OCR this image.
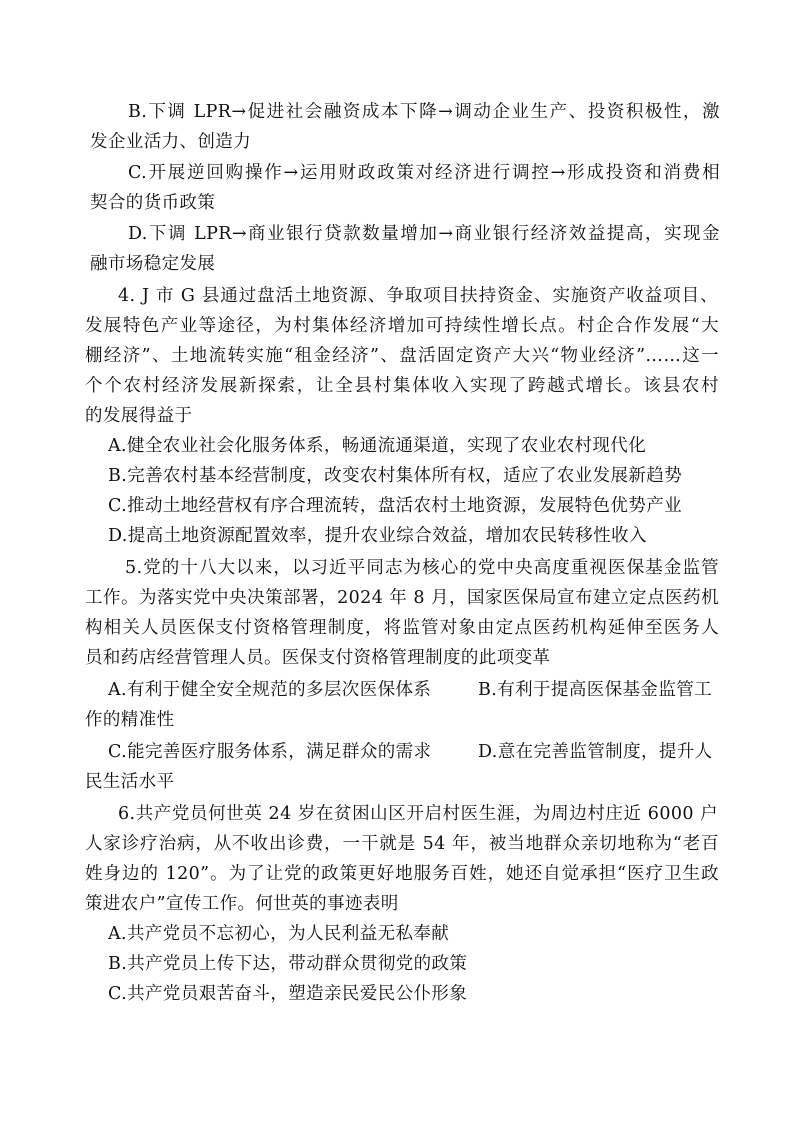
B.下调 LPR→促进社会融资成本下降→调动企业生产、投资积极性，激
发企业活力、创造力
C.开展逆回购操作→运用财政政策对经济进行调控→形成投资和消费相
契合的货币政策
D.下调 LPR→商业银行贷款数量增加→商业银行经济效益提高，实现金
融市场稳定发展
4. J 市 G 县通过盘活土地资源、争取项目扶持资金、实施资产收益项目、
发展特色产业等途径，为村集体经济增加可持续性增长点。村企合作发展“大
棚经济”、土地流转实施“租金经济”、盘活固定资产大兴“物业经济”……这一
个个农村经济发展新探索，让全县村集体收入实现了跨越式增长。该县农村
的发展得益于
A.健全农业社会化服务体系，畅通流通渠道，实现了农业农村现代化
B.完善农村基本经营制度，改变农村集体所有权，适应了农业发展新趋势
C.推动土地经营权有序合理流转，盘活农村土地资源，发展特色优势产业
D.提高土地资源配置效率，提升农业综合效益，增加农民转移性收入
5.党的十八大以来，以习近平同志为核心的党中央高度重视医保基金监管
工作。为落实党中央决策部署，2024 年 8 月，国家医保局宣布建立定点医药机
构相关人员医保支付资格管理制度，将监管对象由定点医药机构延伸至医务人
员和药店经营管理人员。医保支付资格管理制度的此项变革
A.有利于健全安全规范的多层次医保体系	B.有利于提高医保基金监管工
作的精准性
C.能完善医疗服务体系，满足群众的需求	D.意在完善监管制度，提升人
民生活水平
6.共产党员何世英 24 岁在贫困山区开启村医生涯，为周边村庄近 6000 户
人家诊疗治病，从不收出诊费，一干就是 54 年，被当地群众亲切地称为“老百
姓身边的 120”。为了让党的政策更好地服务百姓，她还自觉承担“医疗卫生政
策进农户”宣传工作。何世英的事迹表明
A.共产党员不忘初心，为人民利益无私奉献
B.共产党员上传下达，带动群众贯彻党的政策
C.共产党员艰苦奋斗，塑造亲民爱民公仆形象
